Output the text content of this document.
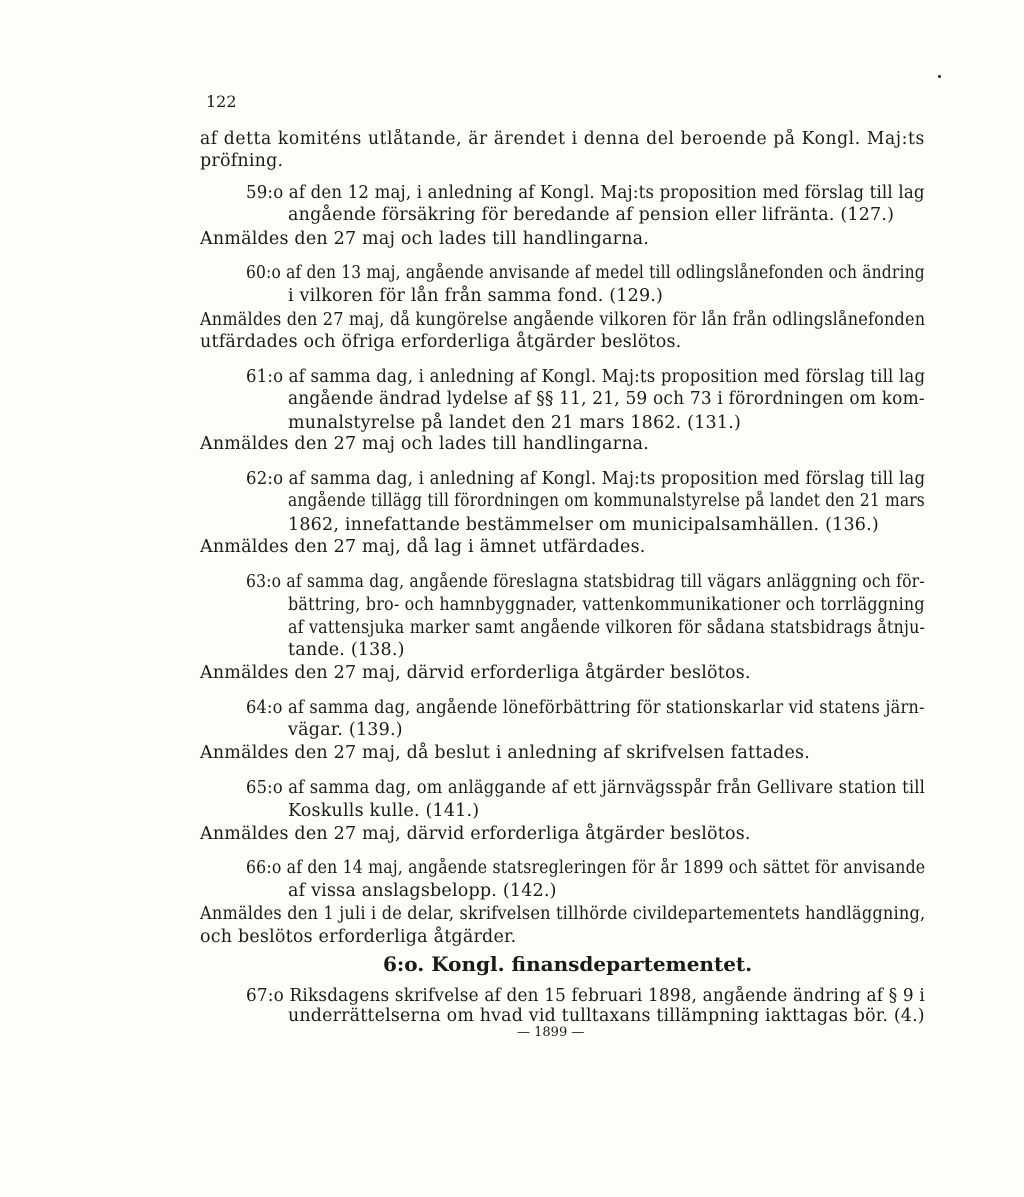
122
af detta komiténs utlåtande, är ärendet i denna del beroende på Kongl. Maj:ts
pröfning.
59:o af den 12 maj, i anledning af Kongl. Maj:ts proposition med förslag till lag
angående försäkring för beredande af pension eller lifränta. (127.)
Anmäldes den 27 maj och lades till handlingarna.
60:o af den 13 maj, angående anvisande af medel till odlingslånefonden och ändring
i vilkoren för lån från samma fond. (129.)
Anmäldes den 27 maj, då kungörelse angående vilkoren för lån från odlingslånefonden
utfärdades och öfriga erforderliga åtgärder beslötos.
61:o af samma dag, i anledning af Kongl. Maj:ts proposition med förslag till lag
angående ändrad lydelse af §§ 11, 21, 59 och 73 i förordningen om kom-
munalstyrelse på landet den 21 mars 1862. (131.)
Anmäldes den 27 maj och lades till handlingarna.
62:o af samma dag, i anledning af Kongl. Maj:ts proposition med förslag till lag
angående tillägg till förordningen om kommunalstyrelse på landet den 21 mars
1862, innefattande bestämmelser om municipalsamhällen. (136.)
Anmäldes den 27 maj, då lag i ämnet utfärdades.
63:o af samma dag, angående föreslagna statsbidrag till vägars anläggning och för-
bättring, bro- och hamnbyggnader, vattenkommunikationer och torrläggning
af vattensjuka marker samt angående vilkoren för sådana statsbidrags åtnju-
tande. (138.)
Anmäldes den 27 maj, därvid erforderliga åtgärder beslötos.
64:o af samma dag, angående löneförbättring för stationskarlar vid statens järn-
vägar. (139.)
Anmäldes den 27 maj, då beslut i anledning af skrifvelsen fattades.
65:o af samma dag, om anläggande af ett järnvägsspår från Gellivare station till
Koskulls kulle. (141.)
Anmäldes den 27 maj, därvid erforderliga åtgärder beslötos.
66:o af den 14 maj, angående statsregleringen för år 1899 och sättet för anvisande
af vissa anslagsbelopp. (142.)
Anmäldes den 1 juli i de delar, skrifvelsen tillhörde civildepartementets handläggning,
och beslötos erforderliga åtgärder.
6:o. Kongl. finansdepartementet.
67:o Riksdagens skrifvelse af den 15 februari 1898, angående ändring af § 9 i
underrättelserna om hvad vid tulltaxans tillämpning iakttagas bör. (4.)
— 1899 —
